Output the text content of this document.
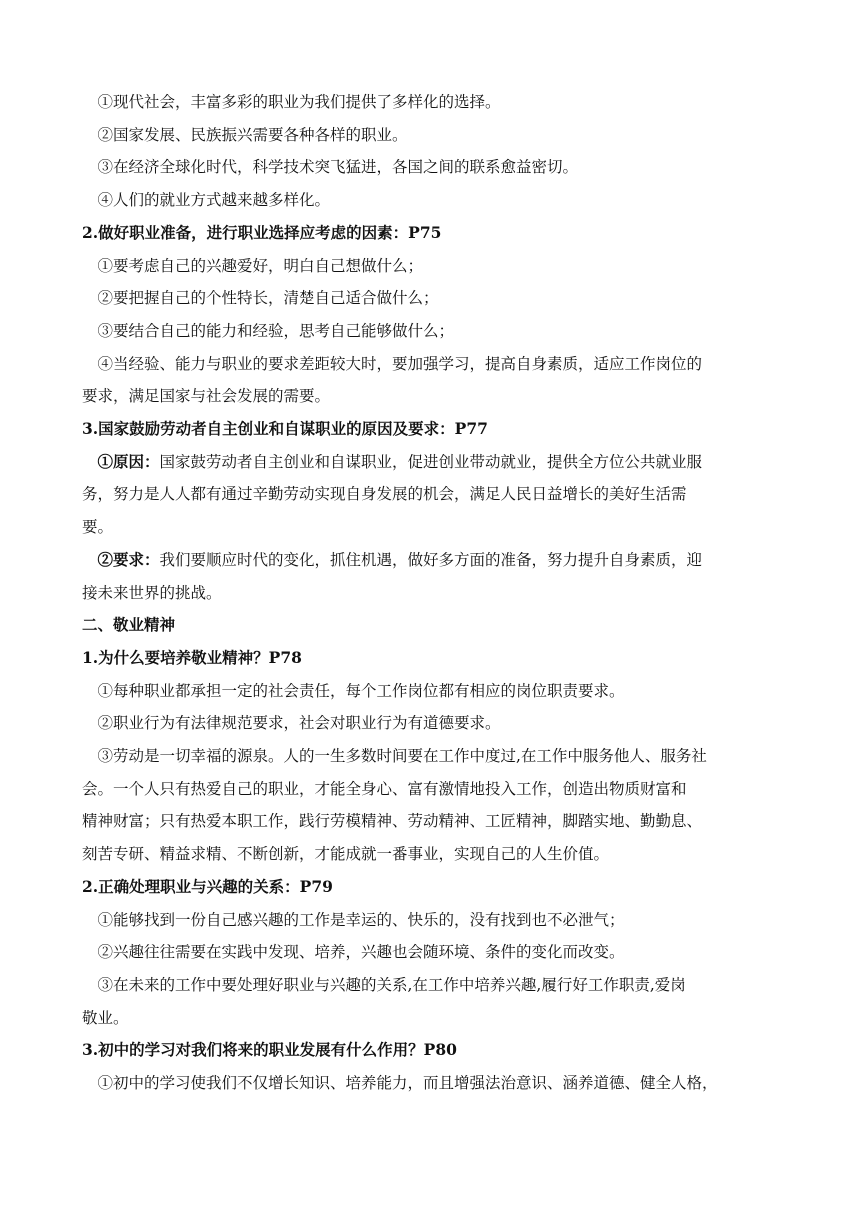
①现代社会，丰富多彩的职业为我们提供了多样化的选择。

②国家发展、民族振兴需要各种各样的职业。

③在经济全球化时代，科学技术突飞猛进，各国之间的联系愈益密切。

④人们的就业方式越来越多样化。

2.做好职业准备，进行职业选择应考虑的因素：P75

①要考虑自己的兴趣爱好，明白自己想做什么；

②要把握自己的个性特长，清楚自己适合做什么；

③要结合自己的能力和经验，思考自己能够做什么；

④当经验、能力与职业的要求差距较大时，要加强学习，提高自身素质，适应工作岗位的

要求，满足国家与社会发展的需要。

3.国家鼓励劳动者自主创业和自谋职业的原因及要求：P77

①原因：国家鼓劳动者自主创业和自谋职业，促进创业带动就业，提供全方位公共就业服

务，努力是人人都有通过辛勤劳动实现自身发展的机会，满足人民日益增长的美好生活需

要。

②要求：我们要顺应时代的变化，抓住机遇，做好多方面的准备，努力提升自身素质，迎

接未来世界的挑战。

二、敬业精神

1.为什么要培养敬业精神？P78

①每种职业都承担一定的社会责任，每个工作岗位都有相应的岗位职责要求。

②职业行为有法律规范要求，社会对职业行为有道德要求。

③劳动是一切幸福的源泉。人的一生多数时间要在工作中度过,在工作中服务他人、服务社

会。一个人只有热爱自己的职业，才能全身心、富有激情地投入工作，创造出物质财富和

精神财富；只有热爱本职工作，践行劳模精神、劳动精神、工匠精神，脚踏实地、勤勤息、

刻苦专研、精益求精、不断创新，才能成就一番事业，实现自己的人生价值。

2.正确处理职业与兴趣的关系：P79

①能够找到一份自己感兴趣的工作是幸运的、快乐的，没有找到也不必泄气；

②兴趣往往需要在实践中发现、培养，兴趣也会随环境、条件的变化而改变。

③在未来的工作中要处理好职业与兴趣的关系,在工作中培养兴趣,履行好工作职责,爱岗

敬业。

3.初中的学习对我们将来的职业发展有什么作用？P80

①初中的学习使我们不仅增长知识、培养能力，而且增强法治意识、涵养道德、健全人格，
